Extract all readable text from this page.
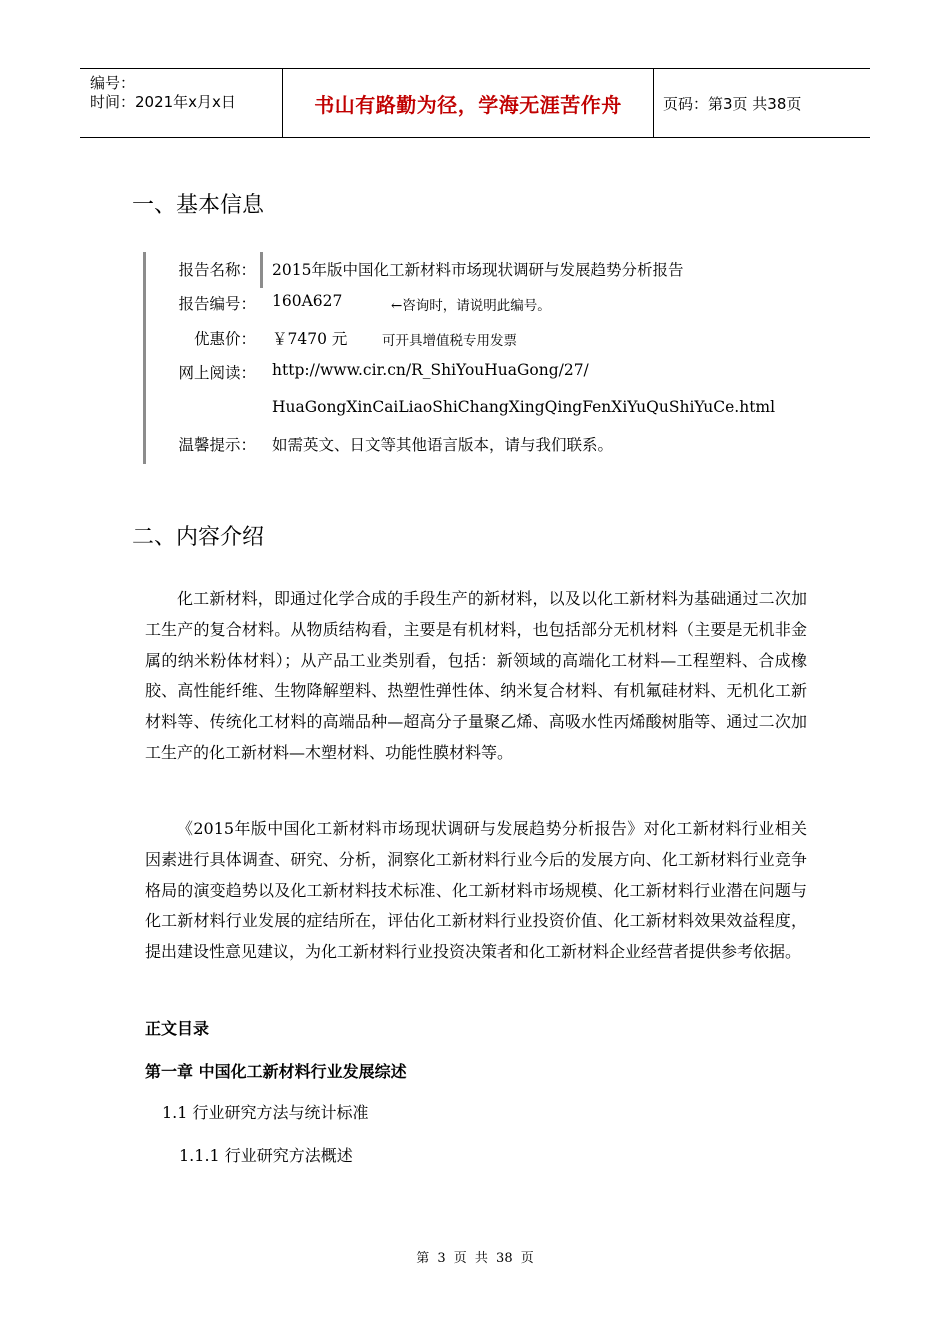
编号：
时间：2021年x月x日	书山有路勤为径，学海无涯苦作舟	页码：第3页 共38页
一、基本信息
报告名称： 2015年版中国化工新材料市场现状调研与发展趋势分析报告
报告编号： 160A627	←咨询时，请说明此编号。
优惠价： ￥7470 元	可开具增值税专用发票
网上阅读： http://www.cir.cn/R_ShiYouHuaGong/27/
HuaGongXinCaiLiaoShiChangXingQingFenXiYuQuShiYuCe.html
温馨提示： 如需英文、日文等其他语言版本，请与我们联系。
二、内容介绍
化工新材料，即通过化学合成的手段生产的新材料，以及以化工新材料为基础通过二次加工生产的复合材料。从物质结构看，主要是有机材料，也包括部分无机材料（主要是无机非金属的纳米粉体材料）；从产品工业类别看，包括：新领域的高端化工材料—工程塑料、合成橡胶、高性能纤维、生物降解塑料、热塑性弹性体、纳米复合材料、有机氟硅材料、无机化工新材料等、传统化工材料的高端品种—超高分子量聚乙烯、高吸水性丙烯酸树脂等、通过二次加工生产的化工新材料—木塑材料、功能性膜材料等。
《2015年版中国化工新材料市场现状调研与发展趋势分析报告》对化工新材料行业相关因素进行具体调查、研究、分析，洞察化工新材料行业今后的发展方向、化工新材料行业竞争格局的演变趋势以及化工新材料技术标准、化工新材料市场规模、化工新材料行业潜在问题与化工新材料行业发展的症结所在，评估化工新材料行业投资价值、化工新材料效果效益程度，提出建设性意见建议，为化工新材料行业投资决策者和化工新材料企业经营者提供参考依据。
正文目录
第一章 中国化工新材料行业发展综述
1.1 行业研究方法与统计标准
1.1.1 行业研究方法概述
第 3 页 共 38 页
